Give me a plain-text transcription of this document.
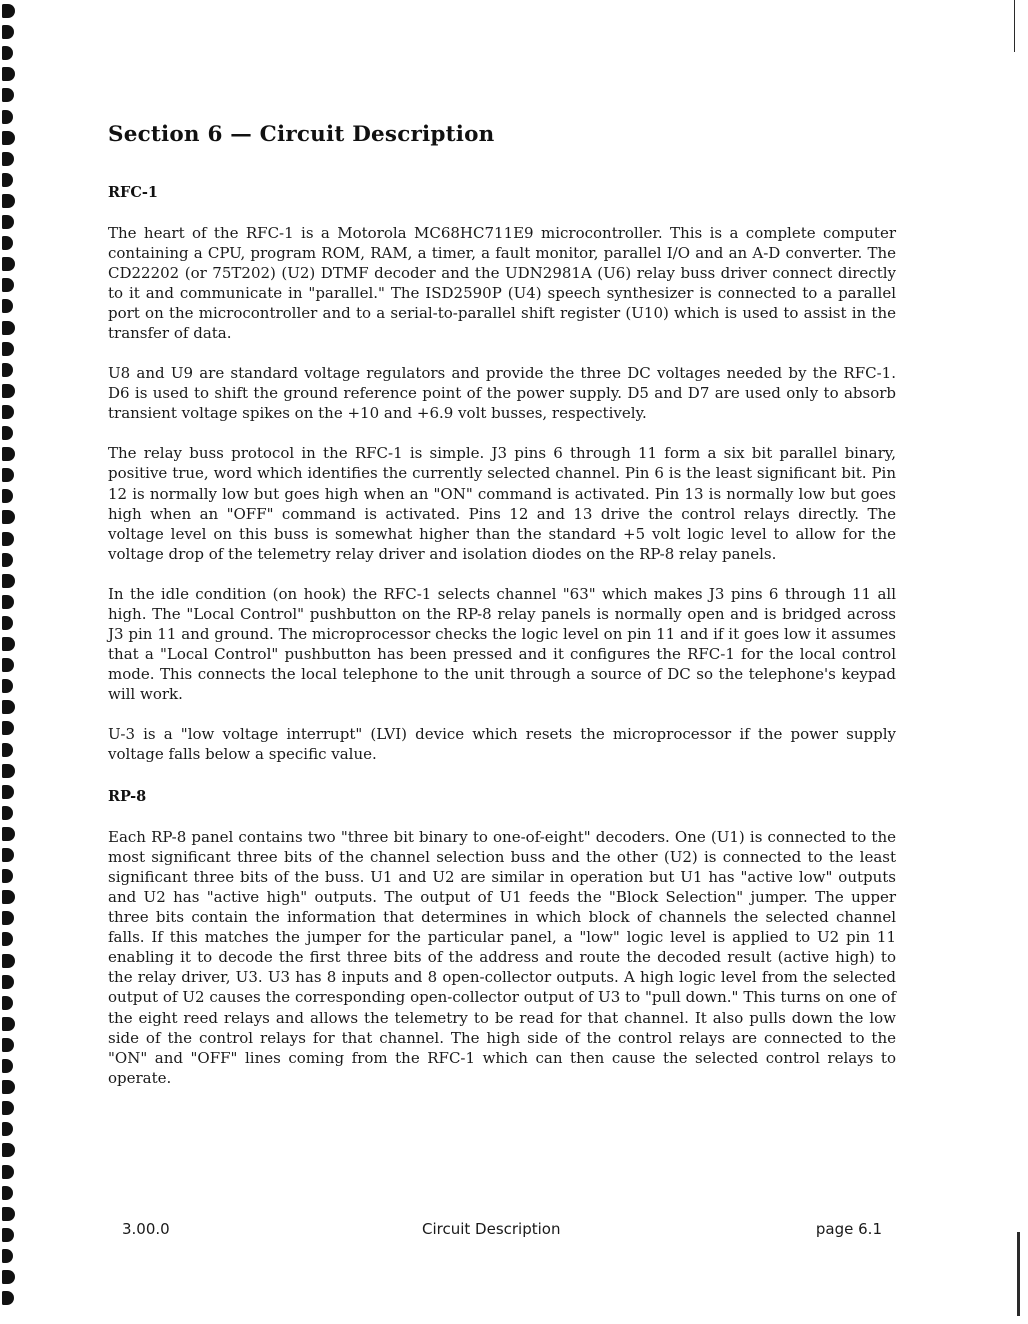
Section 6 — Circuit Description
RFC-1

The heart of the RFC-1 is a Motorola MC68HC711E9 microcontroller. This is a complete computer containing a CPU, program ROM, RAM, a timer, a fault monitor, parallel I/O and an A-D converter. The CD22202 (or 75T202) (U2) DTMF decoder and the UDN2981A (U6) relay buss driver connect directly to it and communicate in "parallel." The ISD2590P (U4) speech synthesizer is connected to a parallel port on the microcontroller and to a serial-to-parallel shift register (U10) which is used to assist in the transfer of data.

U8 and U9 are standard voltage regulators and provide the three DC voltages needed by the RFC-1. D6 is used to shift the ground reference point of the power supply. D5 and D7 are used only to absorb transient voltage spikes on the +10 and +6.9 volt busses, respectively.

The relay buss protocol in the RFC-1 is simple. J3 pins 6 through 11 form a six bit parallel binary, positive true, word which identifies the currently selected channel. Pin 6 is the least significant bit. Pin 12 is normally low but goes high when an "ON" command is activated. Pin 13 is normally low but goes high when an "OFF" command is activated. Pins 12 and 13 drive the control relays directly. The voltage level on this buss is somewhat higher than the standard +5 volt logic level to allow for the voltage drop of the telemetry relay driver and isolation diodes on the RP-8 relay panels.

In the idle condition (on hook) the RFC-1 selects channel "63" which makes J3 pins 6 through 11 all high. The "Local Control" pushbutton on the RP-8 relay panels is normally open and is bridged across J3 pin 11 and ground. The microprocessor checks the logic level on pin 11 and if it goes low it assumes that a "Local Control" pushbutton has been pressed and it configures the RFC-1 for the local control mode. This connects the local telephone to the unit through a source of DC so the telephone's keypad will work.

U-3 is a "low voltage interrupt" (LVI) device which resets the microprocessor if the power supply voltage falls below a specific value.

RP-8

Each RP-8 panel contains two "three bit binary to one-of-eight" decoders. One (U1) is connected to the most significant three bits of the channel selection buss and the other (U2) is connected to the least significant three bits of the buss. U1 and U2 are similar in operation but U1 has "active low" outputs and U2 has "active high" outputs. The output of U1 feeds the "Block Selection" jumper. The upper three bits contain the information that determines in which block of channels the selected channel falls. If this matches the jumper for the particular panel, a "low" logic level is applied to U2 pin 11 enabling it to decode the first three bits of the address and route the decoded result (active high) to the relay driver, U3. U3 has 8 inputs and 8 open-collector outputs. A high logic level from the selected output of U2 causes the corresponding open-collector output of U3 to "pull down." This turns on one of the eight reed relays and allows the telemetry to be read for that channel. It also pulls down the low side of the control relays for that channel. The high side of the control relays are connected to the "ON" and "OFF" lines coming from the RFC-1 which can then cause the selected control relays to operate.

3.00.0	Circuit Description	page 6.1
